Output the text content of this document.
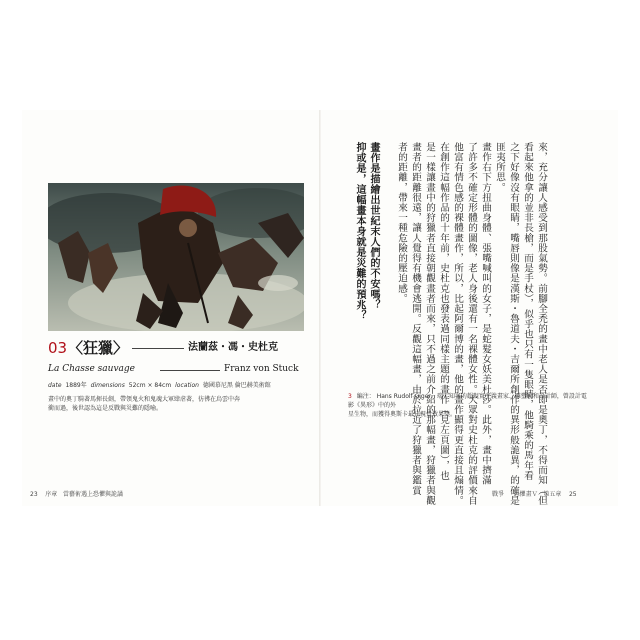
03 〈狂獵〉	法蘭茲・馮・史杜克
La Chasse sauvage	Franz von Stuck
date 1889年 dimensions 52cm × 84cm location 德國慕尼黑 倫巴赫美術館
畫中的奧丁騎著馬揮長劍，帶領鬼火和鬼魂大軍肆虐著，彷彿在烏雲中奔
衝而過，後世認為這是反戰與災難的隱喻。
23 序章 當藝術遇上恐懼與詭譎	來，充分讓人感受到那股氣勢。前腳全禿的畫中老人是否即是奧丁，不得而知（但
看起來他拿的並非長槍，而是手杖），似乎也只有一隻眼睛，他騎乘的馬年看
之下好像沒有眼睛，嘴唇則像是漢斯・魯道夫・吉爾所創作的異形般詭異，的確是
匪夷所思。
畫作右下方扭曲身體、張嘴喊叫的女子，是蛇髮女妖美杜莎。此外，畫中擠滿
了許多不確定形體的圖像，老人身後還有一名裸體女性。大眾對史杜克的評價來自
他富有情色感的裸體畫作，所以，比起阿爾博的畫，他的畫作顯得更直接且煽情。
在創作這幅作品的十年前，史杜克也發表過同樣主題的畫作（見左頁圖），也
是一樣讓畫中的狩獵者直接朝觀畫者而來，只不過之前介紹的那幅畫，狩獵者與觀
畫者的距離很遠，讓人覺得有機會逃開。反觀這幅畫，由於拉近了狩獵者與鑑賞
者的距離，帶來一種危險的壓迫感。
畫作是描繪出世紀末人們的不安嗎？
抑或是，這幅畫本身就是災難的預兆？
3 編注： Hans Rudolf Giger，瑞士知名的超現實主義畫家、雕塑家和設計師，曾設計電影《異形》中的外
星生物，而獲得奧斯卡最佳視覺效果獎。
戰爭 恐懼畫Ｖ 第五章 25
